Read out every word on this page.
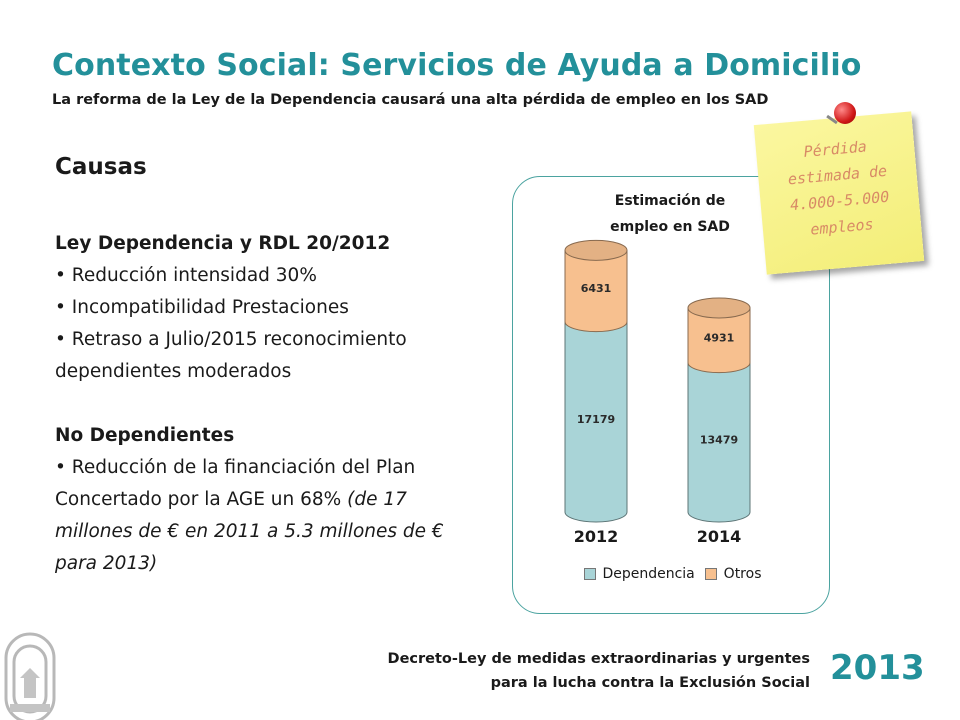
Contexto Social: Servicios de Ayuda a Domicilio
La reforma de la Ley de la Dependencia causará una alta pérdida de empleo en los SAD
Causas

Ley Dependencia y RDL 20/2012

• Reducción intensidad 30%

• Incompatibilidad Prestaciones

• Retraso a Julio/2015 reconocimiento dependientes moderados

No Dependientes

• Reducción de la financiación del Plan Concertado por la AGE un 68% (de 17 millones de € en 2011 a 5.3 millones de € para 2013)

Estimación de empleo en SAD
17179
6431
2012
13479
4931
2014
Dependencia Otros
Pérdida estimada de 4.000-5.000 empleos
Decreto-Ley de medidas extraordinarias y urgentes
para la lucha contra la Exclusión Social 2013
